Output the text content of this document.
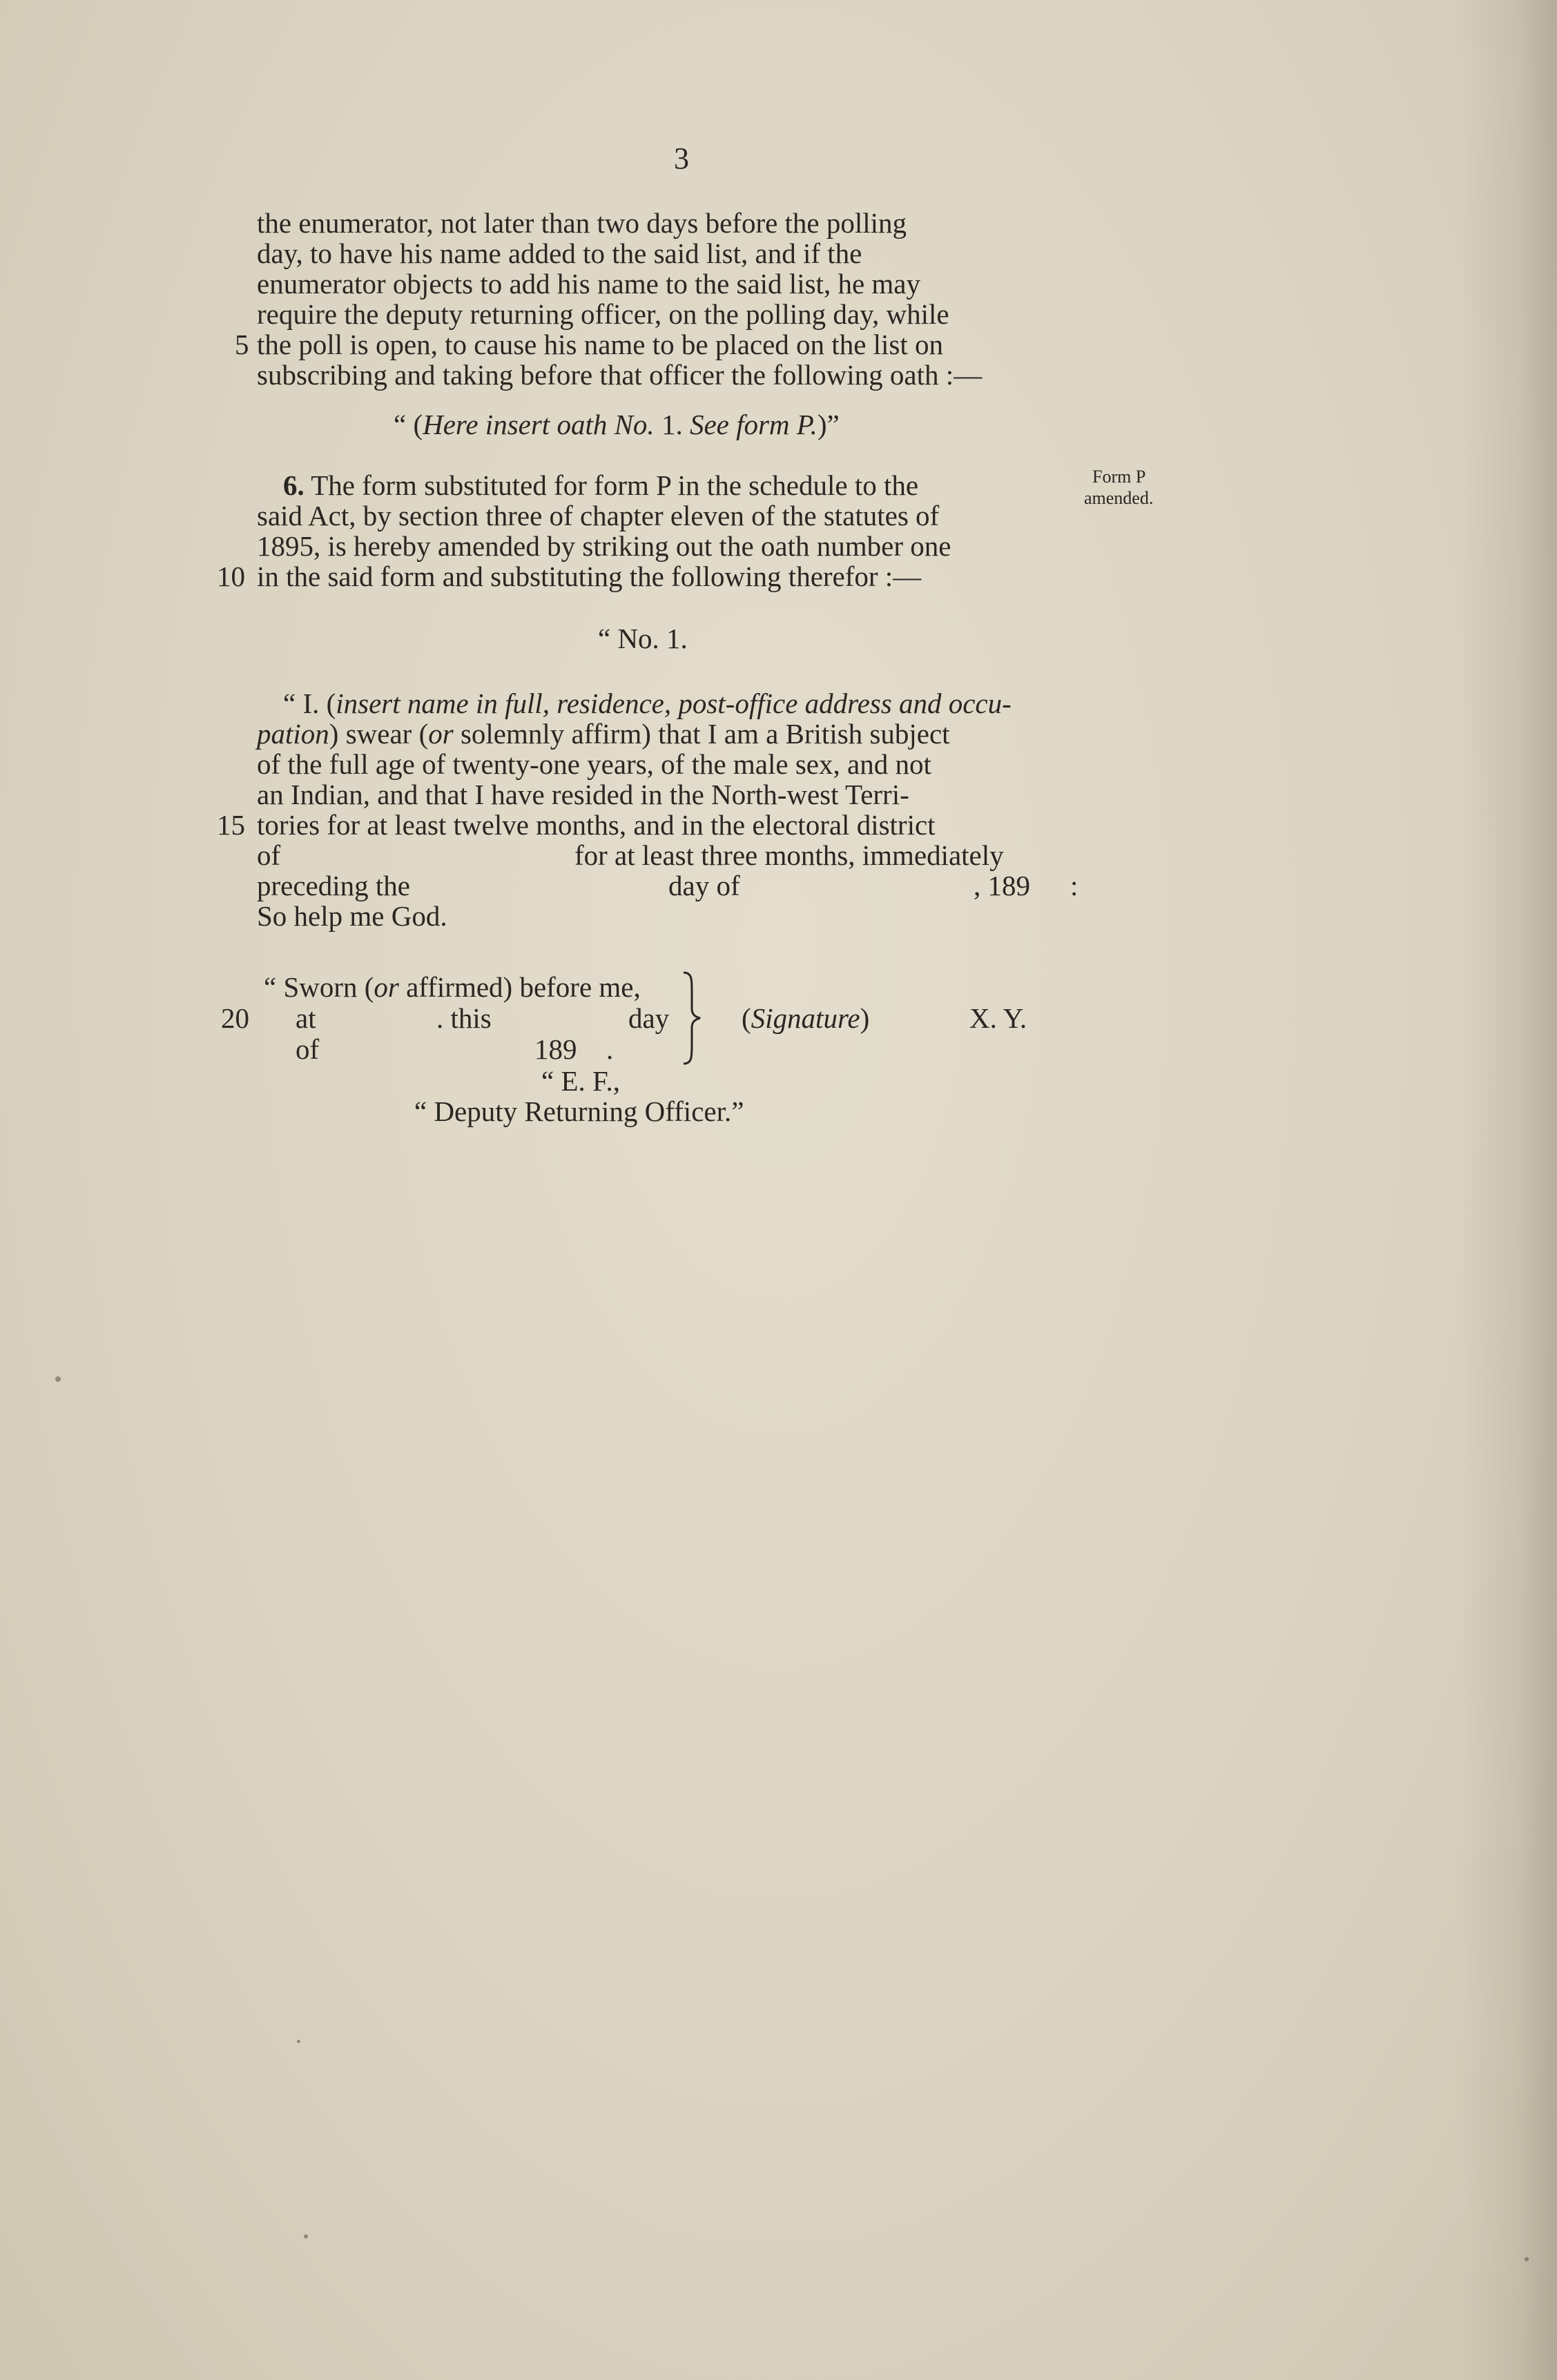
3
the enumerator, not later than two days before the polling
day, to have his name added to the said list, and if the
enumerator objects to add his name to the said list, he may
require the deputy returning officer, on the polling day, while
5 the poll is open, to cause his name to be placed on the list on
subscribing and taking before that officer the following oath :—
“ (Here insert oath No. 1. See form P.)”
6. The form substituted for form P in the schedule to the	Form P
amended.
said Act, by section three of chapter eleven of the statutes of
1895, is hereby amended by striking out the oath number one
10 in the said form and substituting the following therefor :—
“ No. 1.
“ I. (insert name in full, residence, post-office address and occu-
pation) swear (or solemnly affirm) that I am a British subject
of the full age of twenty-one years, of the male sex, and not
an Indian, and that I have resided in the North-west Terri-
15 tories for at least twelve months, and in the electoral district
of	for at least three months, immediately
preceding the	day of	, 189 :
So help me God.
“ Sworn (or affirmed) before me,
20 at	. this	day
of	189 .
(Signature)	X. Y.
“ E. F.,
“ Deputy Returning Officer.”
